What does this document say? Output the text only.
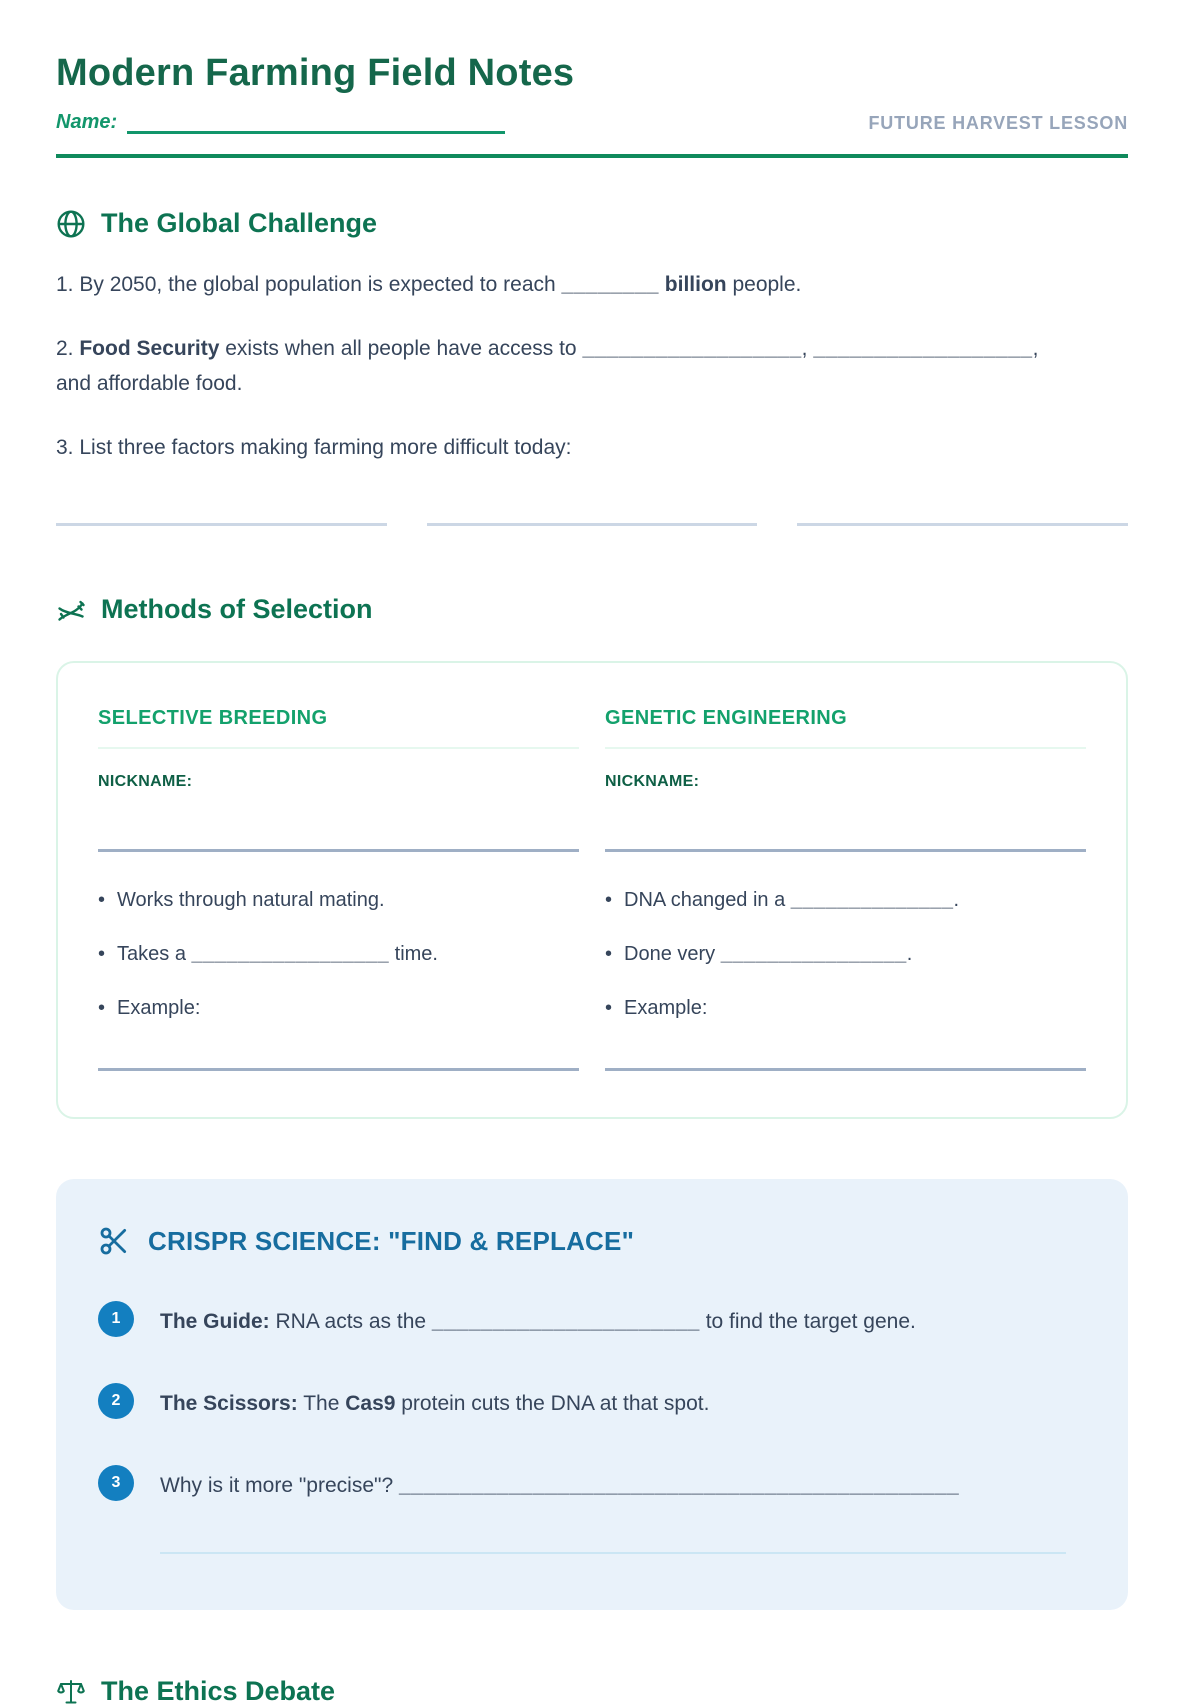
Modern Farming Field Notes
Name:	FUTURE HARVEST LESSON
The Global Challenge

1. By 2050, the global population is expected to reach ________ billion people.

2. Food Security exists when all people have access to __________________, __________________,
and affordable food.

3. List three factors making farming more difficult today:

Methods of Selection
SELECTIVE BREEDING
NICKNAME:
• Works through natural mating.
• Takes a _________________ time.
• Example:
GENETIC ENGINEERING
NICKNAME:
• DNA changed in a ______________.
• Done very ________________.
• Example:
CRISPR SCIENCE: "FIND & REPLACE"
1	The Guide: RNA acts as the ______________________ to find the target gene.
2	The Scissors: The Cas9 protein cuts the DNA at that spot.
3	Why is it more "precise"? ______________________________________________
The Ethics Debate
